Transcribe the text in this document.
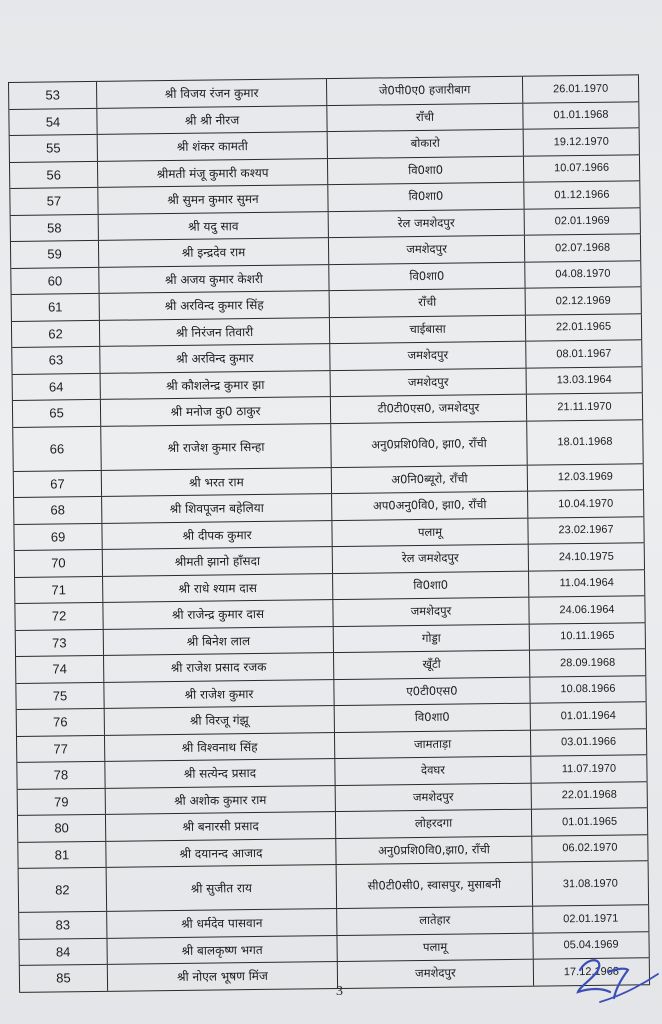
53	श्री विजय रंजन कुमार	जे0पी0ए0 हजारीबाग	26.01.1970
54	श्री श्री नीरज	राँची	01.01.1968
55	श्री शंकर कामती	बोकारो	19.12.1970
56	श्रीमती मंजू कुमारी कश्यप	वि0शा0	10.07.1966
57	श्री सुमन कुमार सुमन	वि0शा0	01.12.1966
58	श्री यदु साव	रेल जमशेदपुर	02.01.1969
59	श्री इन्द्रदेव राम	जमशेदपुर	02.07.1968
60	श्री अजय कुमार केशरी	वि0शा0	04.08.1970
61	श्री अरविन्द कुमार सिंह	राँची	02.12.1969
62	श्री निरंजन तिवारी	चाईबासा	22.01.1965
63	श्री अरविन्द कुमार	जमशेदपुर	08.01.1967
64	श्री कौशलेन्द्र कुमार झा	जमशेदपुर	13.03.1964
65	श्री मनोज कु0 ठाकुर	टी0टी0एस0, जमशेदपुर	21.11.1970
66	श्री राजेश कुमार सिन्हा	अनु0प्रशि0वि0, झा0, राँची	18.01.1968
67	श्री भरत राम	अ0नि0ब्यूरो, राँची	12.03.1969
68	श्री शिवपूजन बहेलिया	अप0अनु0वि0, झा0, राँची	10.04.1970
69	श्री दीपक कुमार	पलामू	23.02.1967
70	श्रीमती झानो हाँसदा	रेल जमशेदपुर	24.10.1975
71	श्री राधे श्याम दास	वि0शा0	11.04.1964
72	श्री राजेन्द्र कुमार दास	जमशेदपुर	24.06.1964
73	श्री बिनेश लाल	गोड्डा	10.11.1965
74	श्री राजेश प्रसाद रजक	खूँटी	28.09.1968
75	श्री राजेश कुमार	ए0टी0एस0	10.08.1966
76	श्री विरजू गंझू	वि0शा0	01.01.1964
77	श्री विश्वनाथ सिंह	जामताड़ा	03.01.1966
78	श्री सत्येन्द प्रसाद	देवघर	11.07.1970
79	श्री अशोक कुमार राम	जमशेदपुर	22.01.1968
80	श्री बनारसी प्रसाद	लोहरदगा	01.01.1965
81	श्री दयानन्द आजाद	अनु0प्रशि0वि0,झा0, राँची	06.02.1970
82	श्री सुजीत राय	सी0टी0सी0, स्वासपुर, मुसाबनी	31.08.1970
83	श्री धर्मदेव पासवान	लातेहार	02.01.1971
84	श्री बालकृष्ण भगत	पलामू	05.04.1969
85	श्री नोएल भूषण मिंज	जमशेदपुर	17.12.1968
3
